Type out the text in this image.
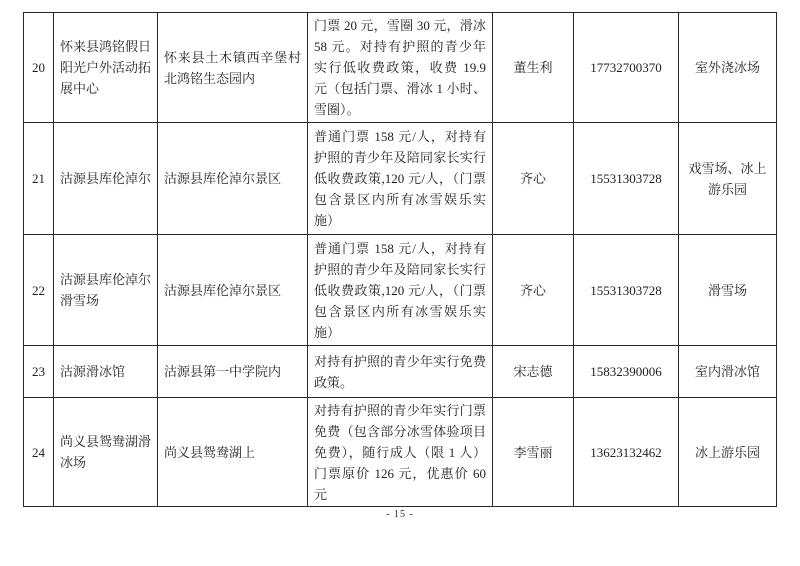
20	怀来县鸿铭假日阳光户外活动拓展中心	怀来县土木镇西辛堡村北鸿铭生态园内	门票 20 元，雪圈 30 元，滑冰 58 元。对持有护照的青少年实行低收费政策，收费 19.9 元（包括门票、滑冰 1 小时、雪圈）。	董生利	17732700370	室外浇冰场
21	沽源县库伦淖尔	沽源县库伦淖尔景区	普通门票 158 元/人，对持有护照的青少年及陪同家长实行低收费政策,120 元/人，（门票包含景区内所有冰雪娱乐实施）	齐心	15531303728	戏雪场、冰上游乐园
22	沽源县库伦淖尔滑雪场	沽源县库伦淖尔景区	普通门票 158 元/人，对持有护照的青少年及陪同家长实行低收费政策,120 元/人，（门票包含景区内所有冰雪娱乐实施）	齐心	15531303728	滑雪场
23	沽源滑冰馆	沽源县第一中学院内	对持有护照的青少年实行免费政策。	宋志德	15832390006	室内滑冰馆
24	尚义县鸳鸯湖滑冰场	尚义县鸳鸯湖上	对持有护照的青少年实行门票免费（包含部分冰雪体验项目免费），随行成人（限 1 人）门票原价 126 元，优惠价 60 元	李雪丽	13623132462	冰上游乐园
- 15 -
